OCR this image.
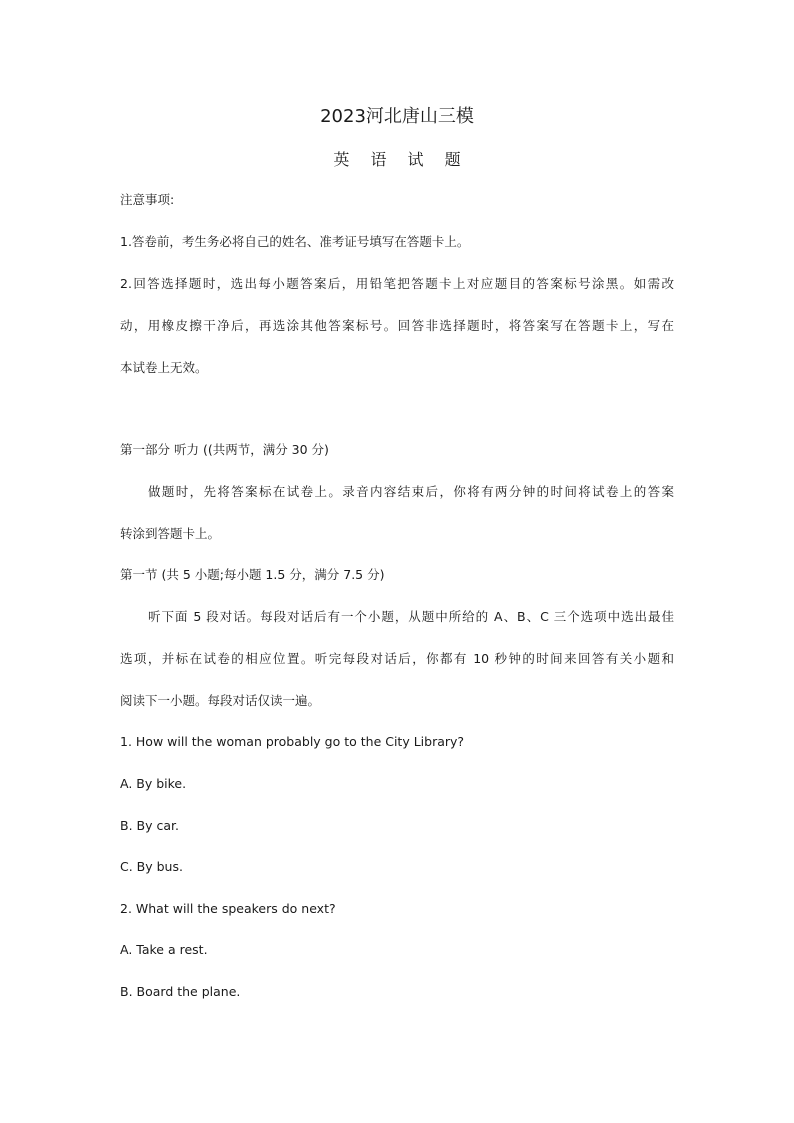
2023河北唐山三模
英 语 试 题
注意事项:
1.答卷前，考生务必将自己的姓名、准考证号填写在答题卡上。
2.回答选择题时，选出每小题答案后，用铅笔把答题卡上对应题目的答案标号涂黑。如需改
动，用橡皮擦干净后，再选涂其他答案标号。回答非选择题时，将答案写在答题卡上，写在
本试卷上无效。
第一部分 听力 ((共两节，满分 30 分)
做题时，先将答案标在试卷上。录音内容结束后，你将有两分钟的时间将试卷上的答案
转涂到答题卡上。
第一节 (共 5 小题;每小题 1.5 分，满分 7.5 分)
听下面 5 段对话。每段对话后有一个小题，从题中所给的 A、B、C 三个选项中选出最佳
选项，并标在试卷的相应位置。听完每段对话后，你都有 10 秒钟的时间来回答有关小题和
阅读下一小题。每段对话仅读一遍。
1. How will the woman probably go to the City Library?
A. By bike.
B. By car.
C. By bus.
2. What will the speakers do next?
A. Take a rest.
B. Board the plane.
